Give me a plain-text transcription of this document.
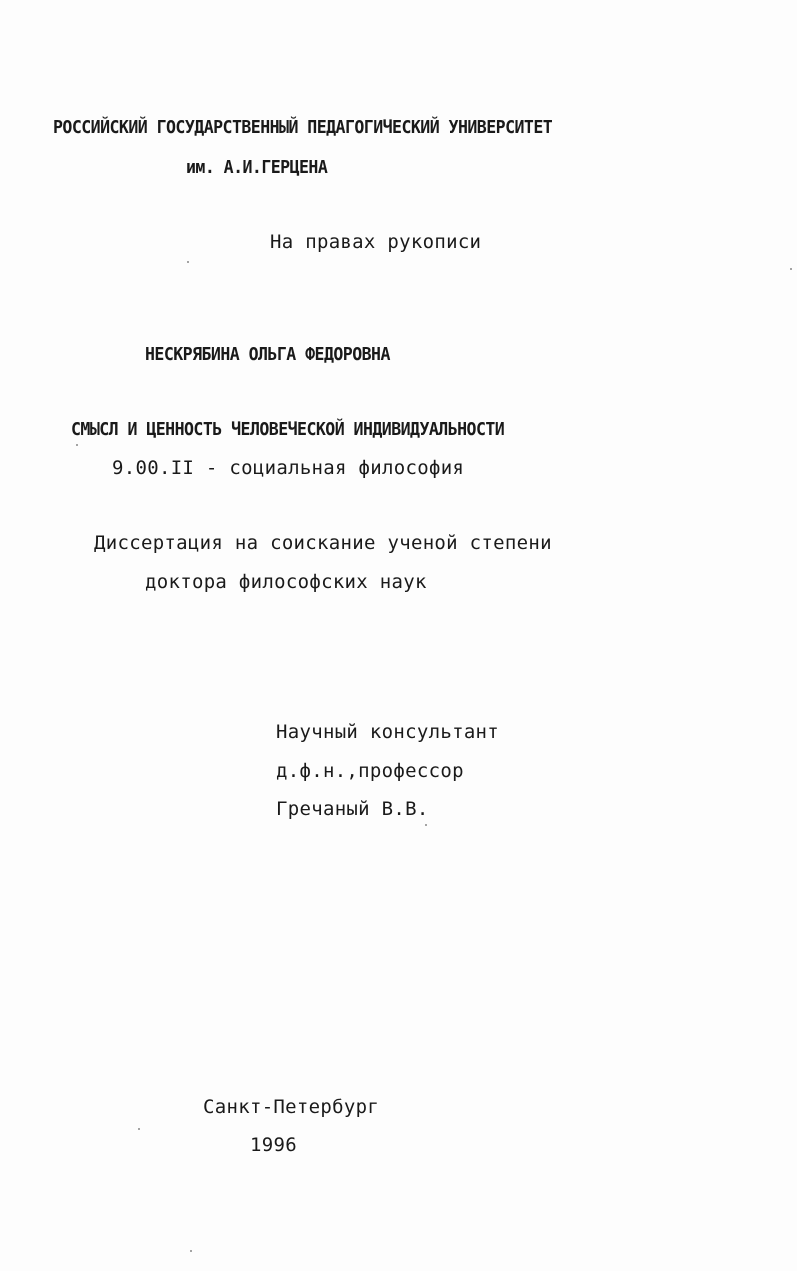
РОССИЙСКИЙ ГОСУДАРСТВЕННЫЙ ПЕДАГОГИЧЕСКИЙ УНИВЕРСИТЕТ
им. А.И.ГЕРЦЕНА
На правах рукописи
НЕСКРЯБИНА ОЛЬГА ФЕДОРОВНА
СМЫСЛ И ЦЕННОСТЬ ЧЕЛОВЕЧЕСКОЙ ИНДИВИДУАЛЬНОСТИ
9.00.II - социальная философия
Диссертация на соискание ученой степени
доктора философских наук
Научный консультант
д.ф.н.,профессор
Гречаный В.В.
Санкт-Петербург
1996
